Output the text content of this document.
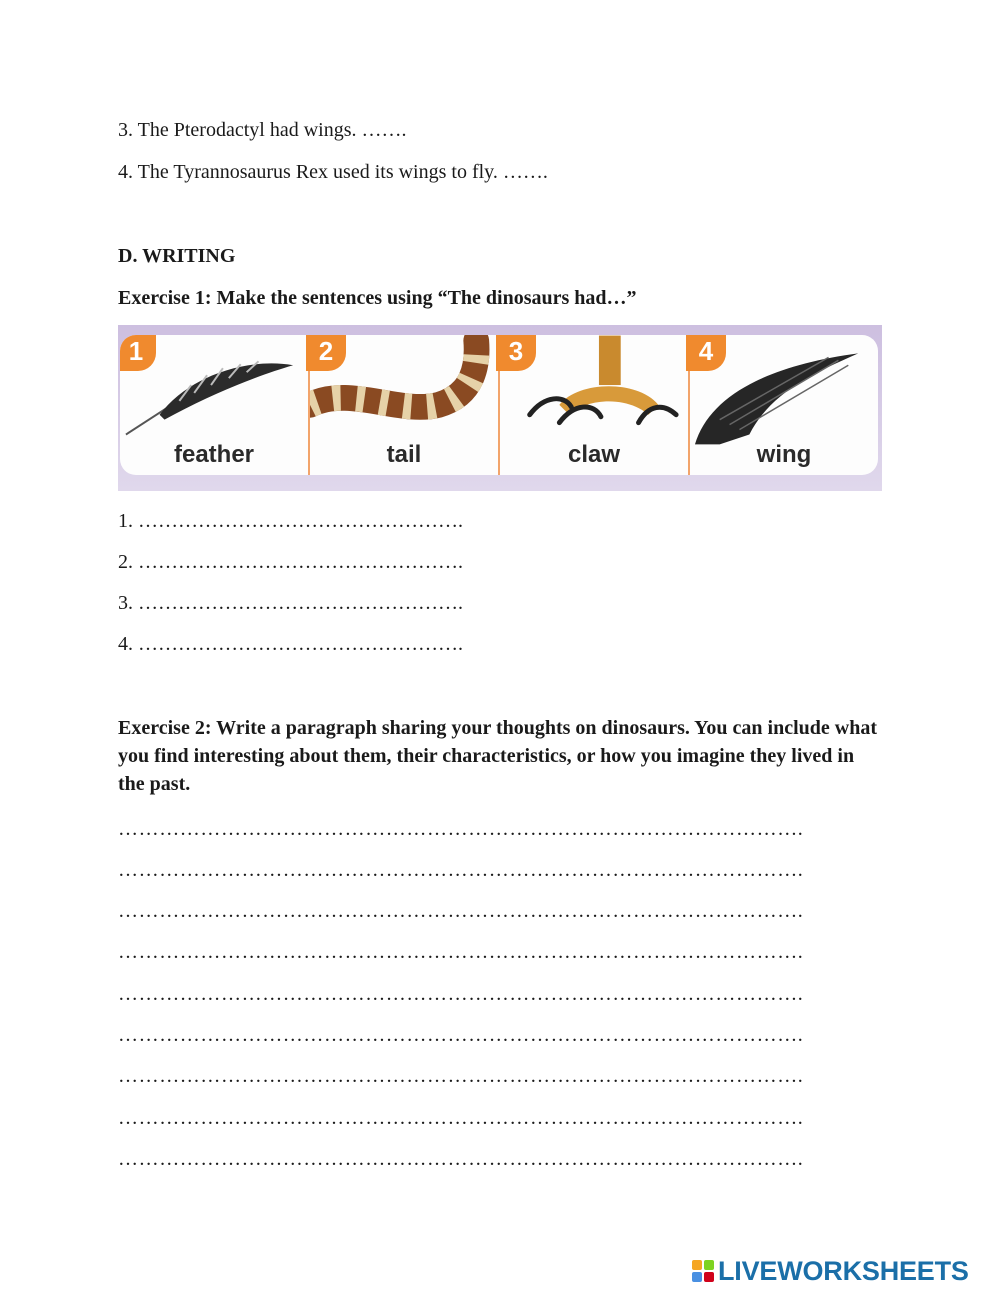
3. The Pterodactyl had wings. …….
4. The Tyrannosaurus Rex used its wings to fly. …….
D. WRITING
Exercise 1: Make the sentences using “The dinosaurs had…”
1
feather
2
tail
3
claw
4
wing
1. ………………………………………….
2. ………………………………………….
3. ………………………………………….
4. ………………………………………….
Exercise 2: Write a paragraph sharing your thoughts on dinosaurs. You can include what you find interesting about them, their characteristics, or how you imagine they lived in the past.
……………………………………………………………………………………….
……………………………………………………………………………………….
……………………………………………………………………………………….
……………………………………………………………………………………….
……………………………………………………………………………………….
……………………………………………………………………………………….
……………………………………………………………………………………….
……………………………………………………………………………………….
……………………………………………………………………………………….
LIVEWORKSHEETS
